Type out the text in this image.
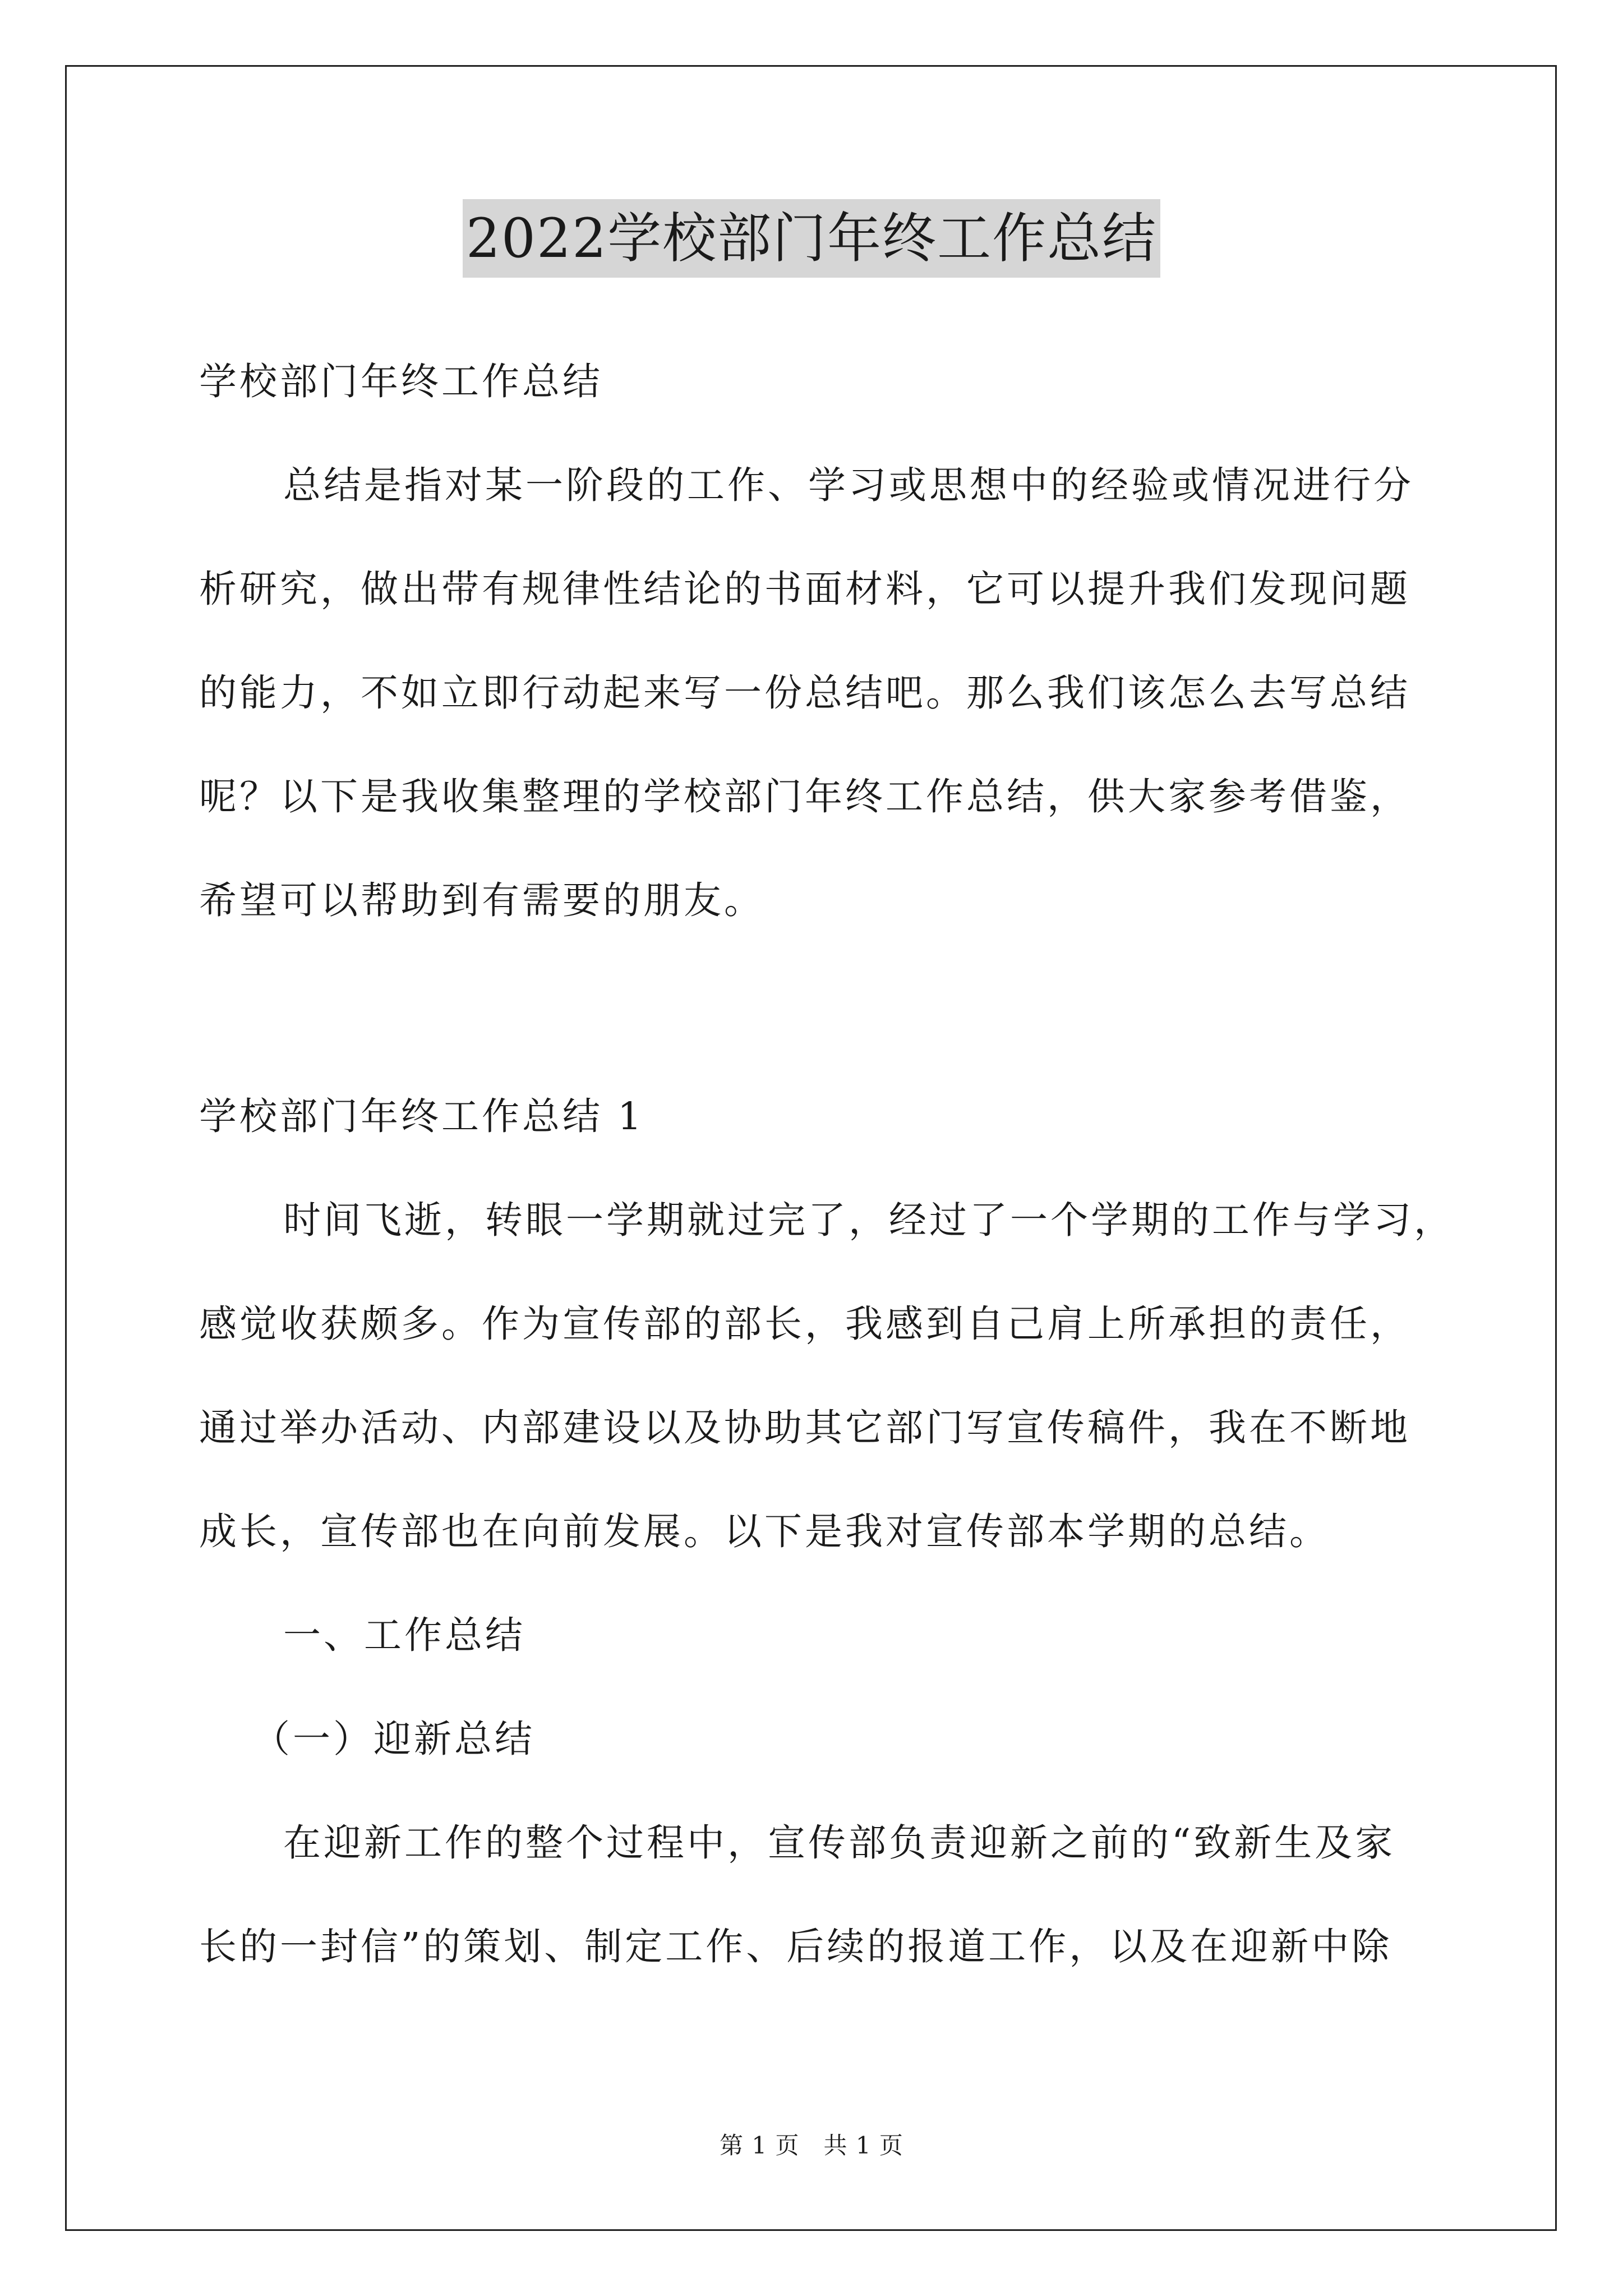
2022学校部门年终工作总结
学校部门年终工作总结
总结是指对某一阶段的工作、学习或思想中的经验或情况进行分
析研究，做出带有规律性结论的书面材料，它可以提升我们发现问题
的能力，不如立即行动起来写一份总结吧。那么我们该怎么去写总结
呢？以下是我收集整理的学校部门年终工作总结，供大家参考借鉴，
希望可以帮助到有需要的朋友。
学校部门年终工作总结 1
时间飞逝，转眼一学期就过完了，经过了一个学期的工作与学习，
感觉收获颇多。作为宣传部的部长，我感到自己肩上所承担的责任，
通过举办活动、内部建设以及协助其它部门写宣传稿件，我在不断地
成长，宣传部也在向前发展。以下是我对宣传部本学期的总结。
一、工作总结
（一）迎新总结
在迎新工作的整个过程中，宣传部负责迎新之前的“致新生及家
长的一封信”的策划、制定工作、后续的报道工作，以及在迎新中除
第 1 页　共 1 页
